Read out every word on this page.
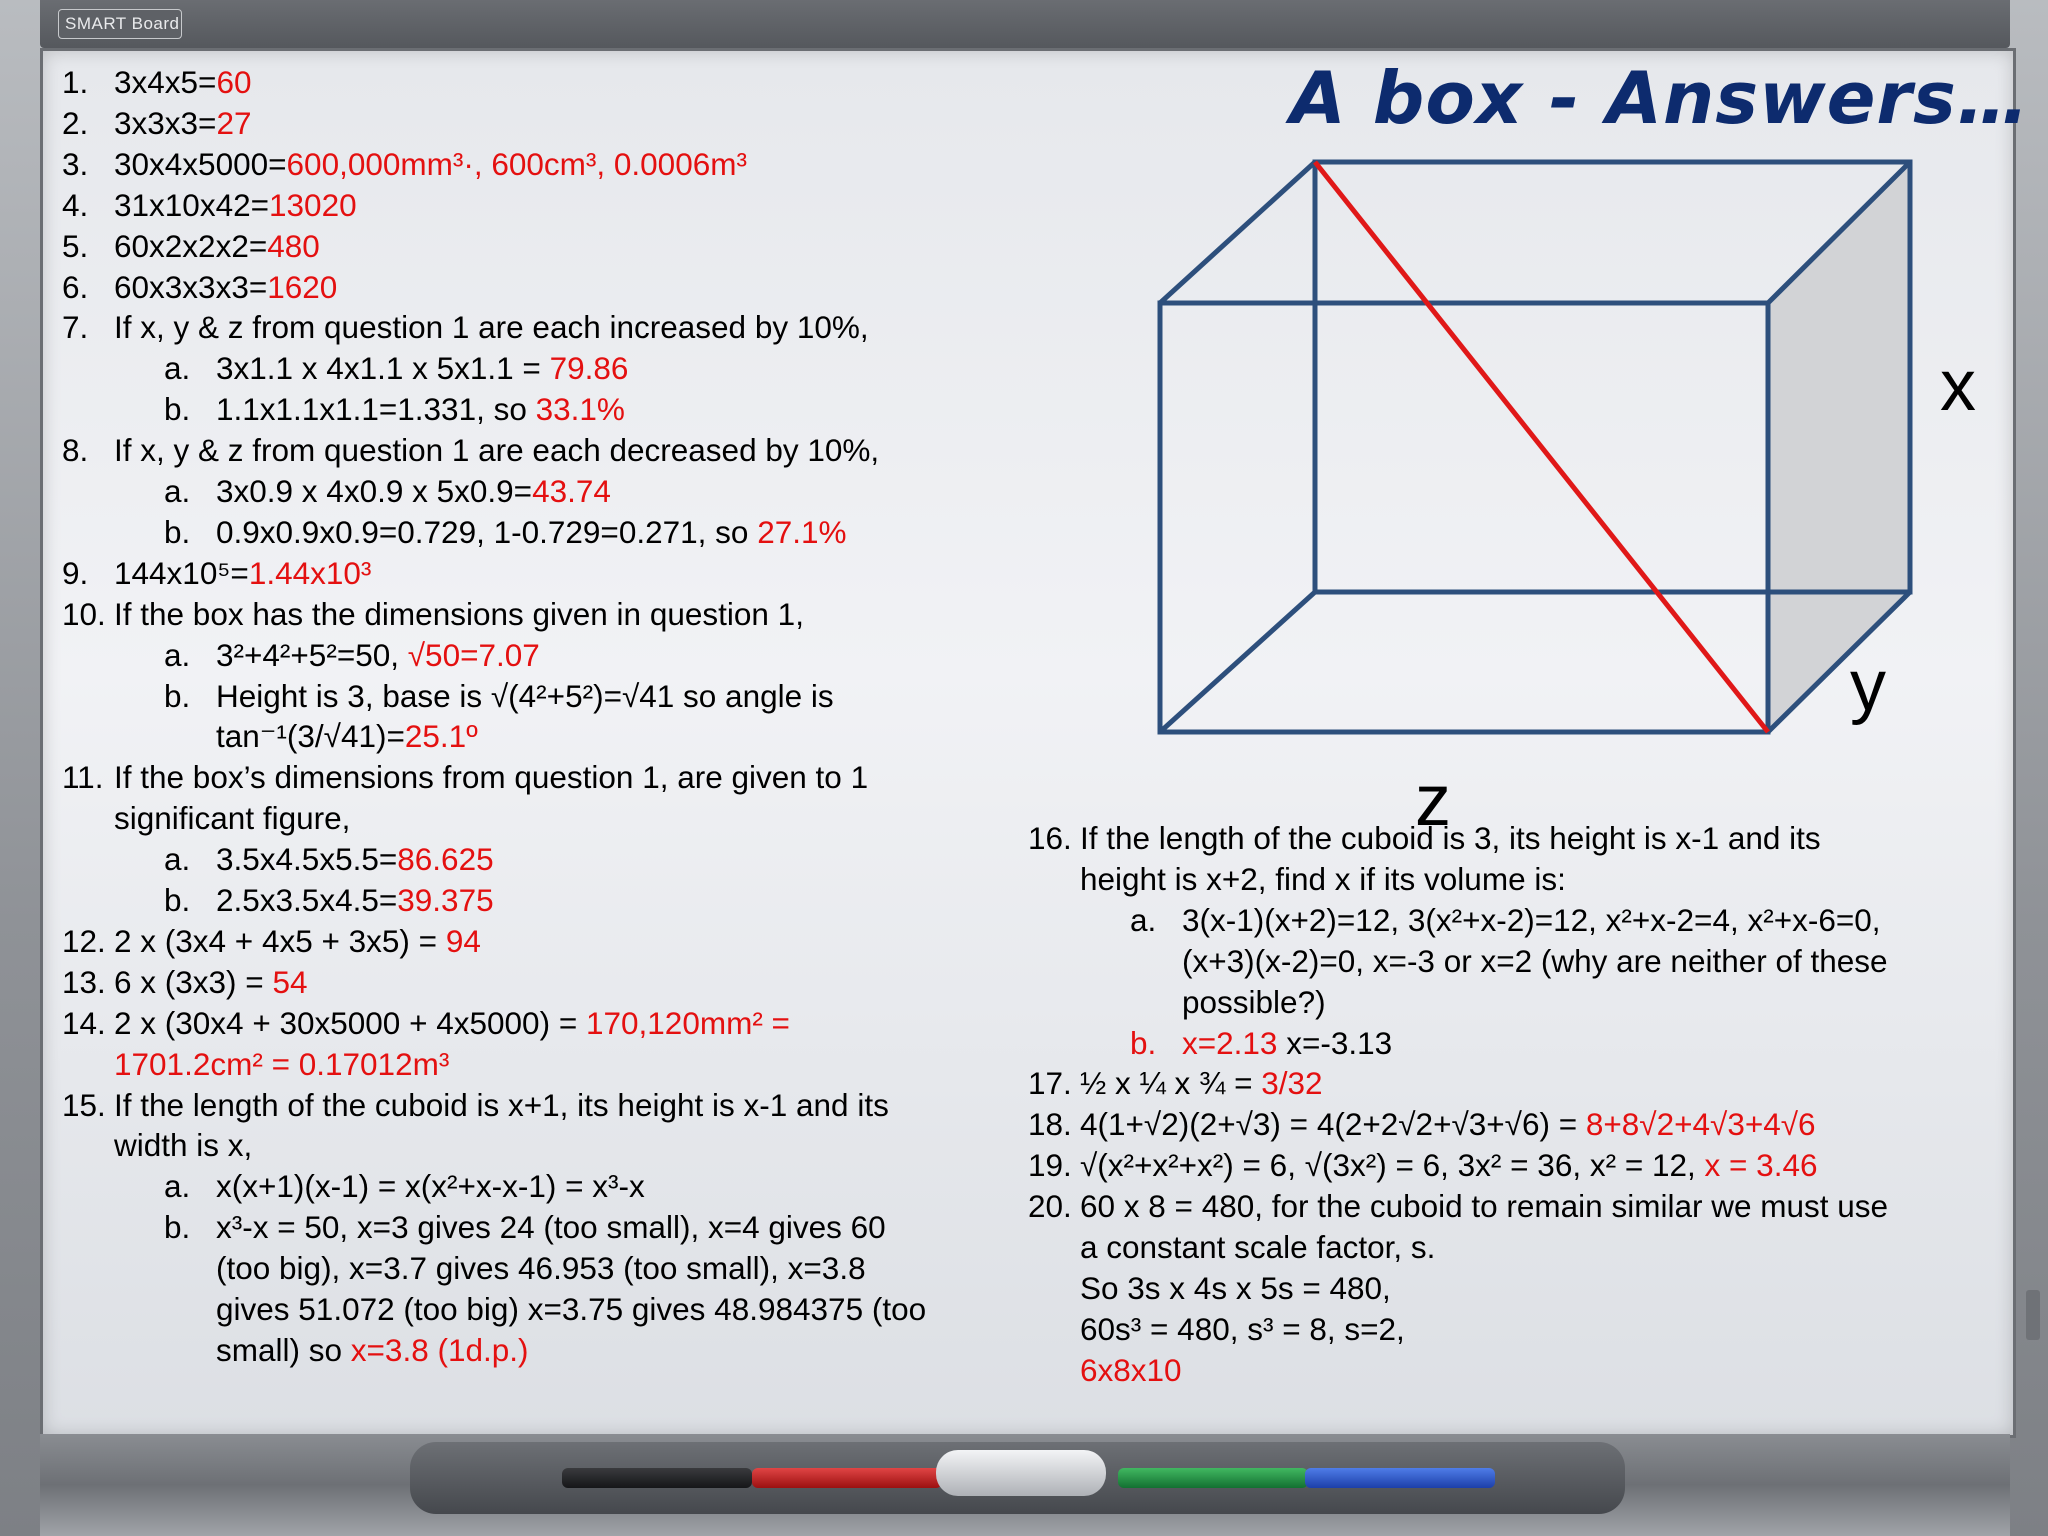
SMART Board
A box - Answers…
x
y
z
1. 3x4x5=60
2. 3x3x3=27
3. 30x4x5000=600,000mm³·, 600cm³, 0.0006m³
4. 31x10x42=13020
5. 60x2x2x2=480
6. 60x3x3x3=1620
7. If x, y & z from question 1 are each increased by 10%,
a. 3x1.1 x 4x1.1 x 5x1.1 = 79.86
b. 1.1x1.1x1.1=1.331, so 33.1%
8. If x, y & z from question 1 are each decreased by 10%,
a. 3x0.9 x 4x0.9 x 5x0.9=43.74
b. 0.9x0.9x0.9=0.729, 1-0.729=0.271, so 27.1%
9. 144x10⁵=1.44x10³
10. If the box has the dimensions given in question 1,
a. 3²+4²+5²=50, √50=7.07
b. Height is 3, base is √(4²+5²)=√41 so angle is
tan⁻¹(3/√41)=25.1º
11. If the box’s dimensions from question 1, are given to 1
significant figure,
a. 3.5x4.5x5.5=86.625
b. 2.5x3.5x4.5=39.375
12. 2 x (3x4 + 4x5 + 3x5) = 94
13. 6 x (3x3) = 54
14. 2 x (30x4 + 30x5000 + 4x5000) = 170,120mm² =
1701.2cm² = 0.17012m³
15. If the length of the cuboid is x+1, its height is x-1 and its
width is x,
a. x(x+1)(x-1) = x(x²+x-x-1) = x³-x
b. x³-x = 50, x=3 gives 24 (too small), x=4 gives 60
(too big), x=3.7 gives 46.953 (too small), x=3.8
gives 51.072 (too big) x=3.75 gives 48.984375 (too
small) so x=3.8 (1d.p.)
16. If the length of the cuboid is 3, its height is x-1 and its
height is x+2, find x if its volume is:
a. 3(x-1)(x+2)=12, 3(x²+x-2)=12, x²+x-2=4, x²+x-6=0,
(x+3)(x-2)=0, x=-3 or x=2 (why are neither of these
possible?)
b. x=2.13 x=-3.13
17. ½ x ¼ x ¾ = 3/32
18. 4(1+√2)(2+√3) = 4(2+2√2+√3+√6) = 8+8√2+4√3+4√6
19. √(x²+x²+x²) = 6, √(3x²) = 6, 3x² = 36, x² = 12, x = 3.46
20. 60 x 8 = 480, for the cuboid to remain similar we must use
a constant scale factor, s.
So 3s x 4s x 5s = 480,
60s³ = 480, s³ = 8, s=2,
6x8x10
